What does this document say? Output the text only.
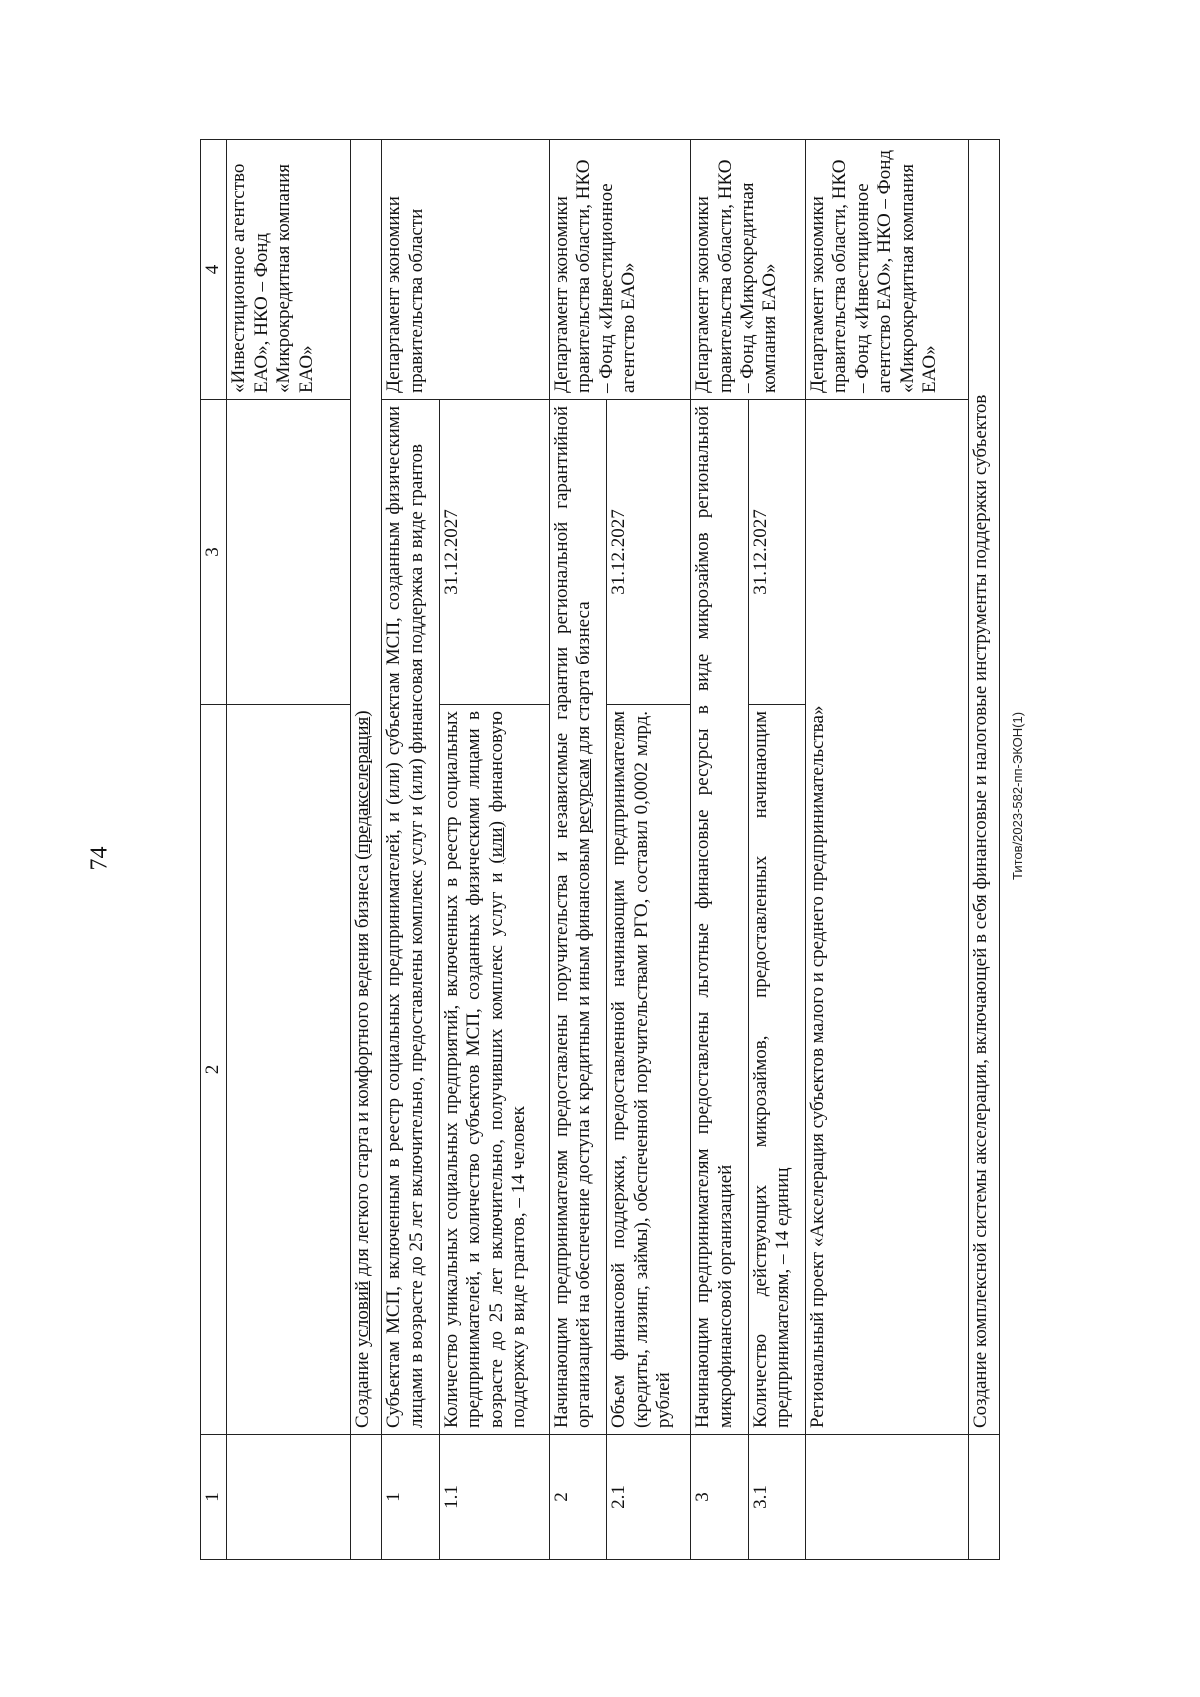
74	Титов/2023-582-пп-ЭКОН(1)
1	2	3	4
			«Инвестиционное агентство ЕАО», НКО – Фонд «Микрокредитная компания ЕАО»
	Создание условий для легкого старта и комфортного ведения бизнеса (предакселерация)		
1	Субъектам МСП, включенным в реестр социальных предпринимателей, и (или) субъектам МСП, созданным физическими лицами в возрасте до 25 лет включительно, предоставлены комплекс услуг и (или) финансовая поддержка в виде грантов		Департамент экономики правительства области
1.1	Количество уникальных социальных предприятий, включенных в реестр социальных предпринимателей, и количество субъектов МСП, созданных физическими лицами в возрасте до 25 лет включительно, получивших комплекс услуг и (или) финансовую поддержку в виде грантов, – 14 человек	31.12.2027	
2	Начинающим предпринимателям предоставлены поручительства и независимые гарантии региональной гарантийной организацией на обеспечение доступа к кредитным и иным финансовым ресурсам для старта бизнеса		Департамент экономики правительства области, НКО – Фонд «Инвестиционное агентство ЕАО»
2.1	Объем финансовой поддержки, предоставленной начинающим предпринимателям (кредиты, лизинг, займы), обеспеченной поручительствами РГО, составил 0,0002 млрд. рублей	31.12.2027	
3	Начинающим предпринимателям предоставлены льготные финансовые ресурсы в виде микрозаймов региональной микрофинансовой организацией		Департамент экономики правительства области, НКО – Фонд «Микрокредитная компания ЕАО»
3.1	Количество действующих микрозаймов, предоставленных начинающим предпринимателям, – 14 единиц	31.12.2027	
	Региональный проект «Акселерация субъектов малого и среднего предпринимательства»		Департамент экономики правительства области, НКО – Фонд «Инвестиционное агентство ЕАО», НКО – Фонд «Микрокредитная компания ЕАО»
	Создание комплексной системы акселерации, включающей в себя финансовые и налоговые инструменты поддержки субъектов		
